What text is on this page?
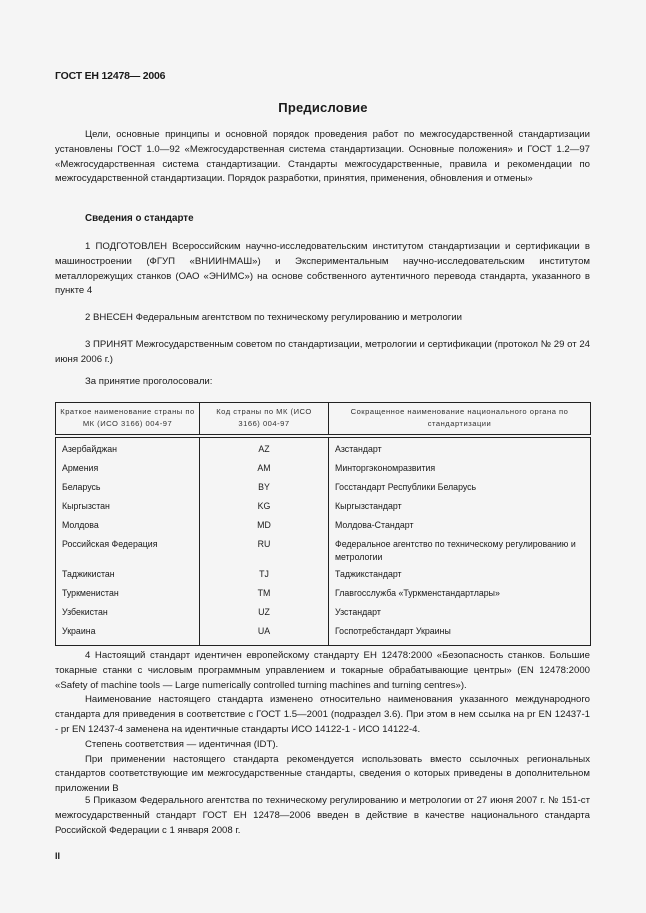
ГОСТ ЕН 12478— 2006
Предисловие
Цели, основные принципы и основной порядок проведения работ по межгосударственной стандартизации установлены ГОСТ 1.0—92 «Межгосударственная система стандартизации. Основные положения» и ГОСТ 1.2—97 «Межгосударственная система стандартизации. Стандарты межгосударственные, правила и рекомендации по межгосударственной стандартизации. Порядок разработки, принятия, применения, обновления и отмены»
Сведения о стандарте
1 ПОДГОТОВЛЕН Всероссийским научно-исследовательским институтом стандартизации и сертификации в машиностроении (ФГУП «ВНИИНМАШ») и Экспериментальным научно-исследовательским институтом металлорежущих станков (ОАО «ЭНИМС») на основе собственного аутентичного перевода стандарта, указанного в пункте 4
2 ВНЕСЕН Федеральным агентством по техническому регулированию и метрологии
3 ПРИНЯТ Межгосударственным советом по стандартизации, метрологии и сертификации (протокол № 29 от 24 июня 2006 г.)
За принятие проголосовали:
Краткое наименование страны по МК (ИСО 3166) 004-97	Код страны по МК (ИСО 3166) 004-97	Сокращенное наименование национального органа по стандартизации
Азербайджан	AZ	Азстандарт
Армения	AM	Минторгэкономразвития
Беларусь	BY	Госстандарт Республики Беларусь
Кыргызстан	KG	Кыргызстандарт
Молдова	MD	Молдова-Стандарт
Российская Федерация	RU	Федеральное агентство по техническому регулированию и метрологии
Таджикистан	TJ	Таджикстандарт
Туркменистан	TM	Главгосслужба «Туркменстандартлары»
Узбекистан	UZ	Узстандарт
Украина	UA	Госпотребстандарт Украины

4 Настоящий стандарт идентичен европейскому стандарту ЕН 12478:2000 «Безопасность станков. Большие токарные станки с числовым программным управлением и токарные обрабатывающие центры» (EN 12478:2000 «Safety of machine tools — Large numerically controlled turning machines and turning centres»).

Наименование настоящего стандарта изменено относительно наименования указанного международного стандарта для приведения в соответствие с ГОСТ 1.5—2001 (подраздел 3.6). При этом в нем ссылка на pr EN 12437-1 - pr EN 12437-4 заменена на идентичные стандарты ИСО 14122-1 - ИСО 14122-4.

Степень соответствия — идентичная (IDT).

При применении настоящего стандарта рекомендуется использовать вместо ссылочных региональных стандартов соответствующие им межгосударственные стандарты, сведения о которых приведены в дополнительном приложении В

5 Приказом Федерального агентства по техническому регулированию и метрологии от 27 июня 2007 г. № 151-ст межгосударственный стандарт ГОСТ ЕН 12478—2006 введен в действие в качестве национального стандарта Российской Федерации с 1 января 2008 г.
II
